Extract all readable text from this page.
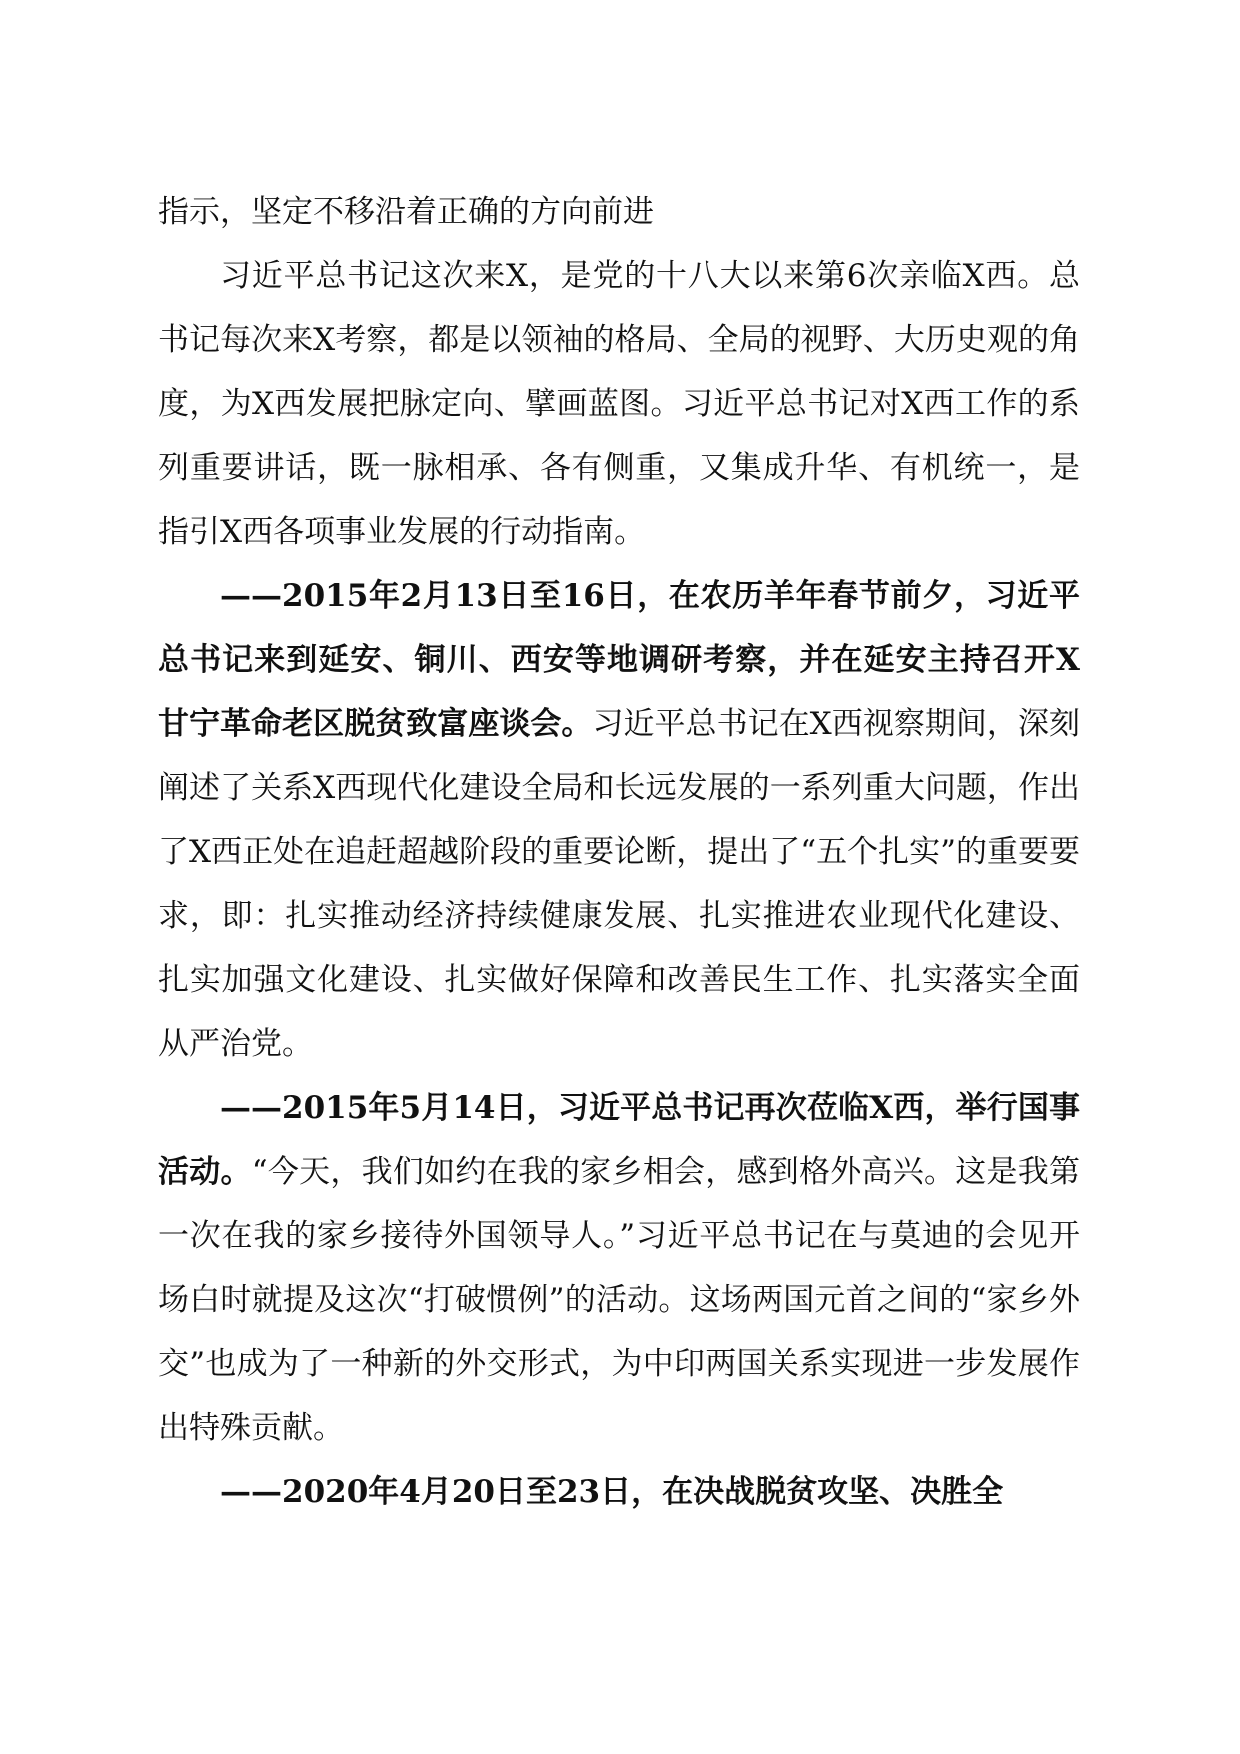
指示，坚定不移沿着正确的方向前进

习近平总书记这次来X，是党的十八大以来第6次亲临X西。总书记每次来X考察，都是以领袖的格局、全局的视野、大历史观的角度，为X西发展把脉定向、擘画蓝图。习近平总书记对X西工作的系列重要讲话，既一脉相承、各有侧重，又集成升华、有机统一，是指引X西各项事业发展的行动指南。

——2015年2月13日至16日，在农历羊年春节前夕，习近平总书记来到延安、铜川、西安等地调研考察，并在延安主持召开X甘宁革命老区脱贫致富座谈会。习近平总书记在X西视察期间，深刻阐述了关系X西现代化建设全局和长远发展的一系列重大问题，作出了X西正处在追赶超越阶段的重要论断，提出了“五个扎实”的重要要求，即：扎实推动经济持续健康发展、扎实推进农业现代化建设、扎实加强文化建设、扎实做好保障和改善民生工作、扎实落实全面从严治党。

——2015年5月14日，习近平总书记再次莅临X西，举行国事活动。“今天，我们如约在我的家乡相会，感到格外高兴。这是我第一次在我的家乡接待外国领导人。”习近平总书记在与莫迪的会见开场白时就提及这次“打破惯例”的活动。这场两国元首之间的“家乡外交”也成为了一种新的外交形式，为中印两国关系实现进一步发展作出特殊贡献。

——2020年4月20日至23日，在决战脱贫攻坚、决胜全
